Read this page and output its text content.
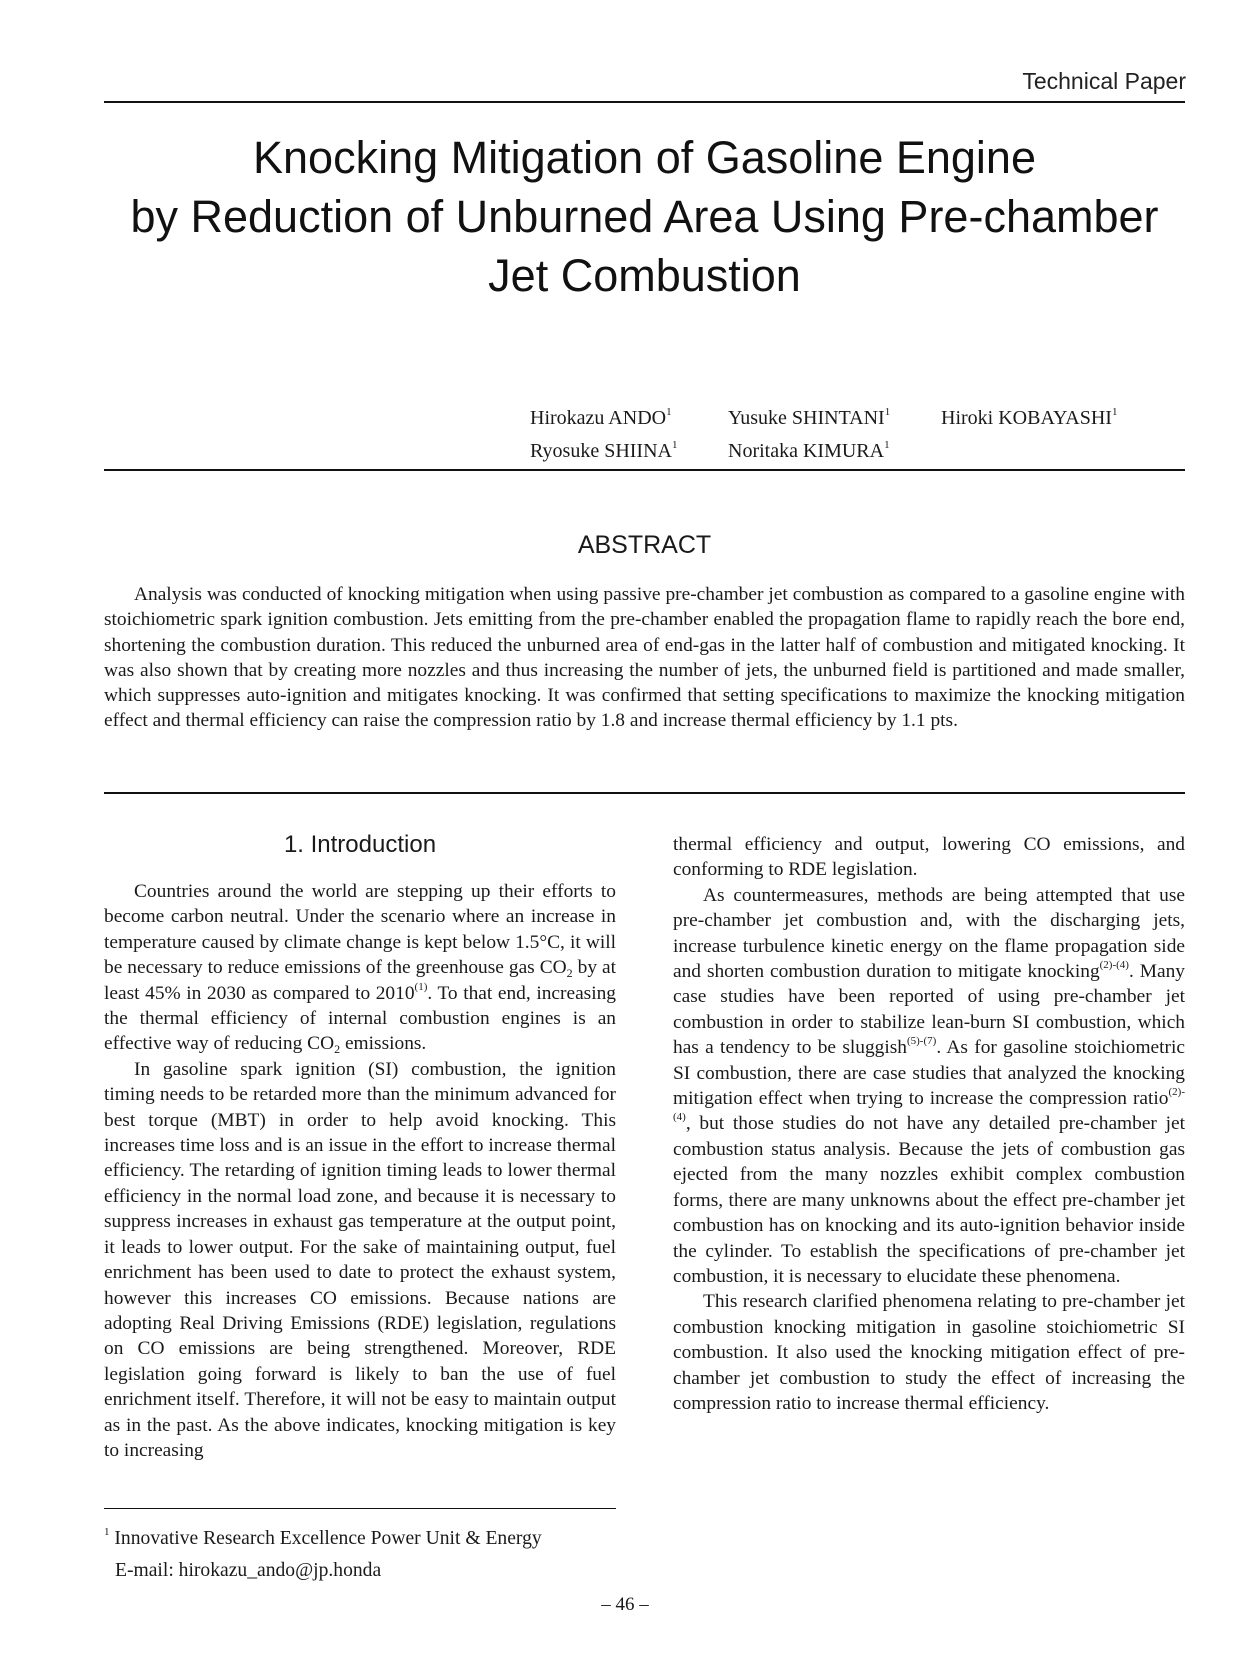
Technical Paper
Knocking Mitigation of Gasoline Engine
by Reduction of Unburned Area Using Pre-chamber
Jet Combustion
Hirokazu ANDO$^1$	Yusuke SHINTANI$^1$	Hiroki KOBAYASHI$^1$
Ryosuke SHIINA$^1$	Noritaka KIMURA$^1$
ABSTRACT

Analysis was conducted of knocking mitigation when using passive pre-chamber jet combustion as compared to a gasoline engine with stoichiometric spark ignition combustion. Jets emitting from the pre-chamber enabled the propagation flame to rapidly reach the bore end, shortening the combustion duration. This reduced the unburned area of end-gas in the latter half of combustion and mitigated knocking. It was also shown that by creating more nozzles and thus increasing the number of jets, the unburned field is partitioned and made smaller, which suppresses auto-ignition and mitigates knocking. It was confirmed that setting specifications to maximize the knocking mitigation effect and thermal efficiency can raise the compression ratio by 1.8 and increase thermal efficiency by 1.1 pts.

1. Introduction

Countries around the world are stepping up their efforts to become carbon neutral. Under the scenario where an increase in temperature caused by climate change is kept below 1.5°C, it will be necessary to reduce emissions of the greenhouse gas $CO_2$ by at least 45% in 2030 as compared to 2010$^{(1)}$. To that end, increasing the thermal efficiency of internal combustion engines is an effective way of reducing $CO_2$ emissions.

In gasoline spark ignition (SI) combustion, the ignition timing needs to be retarded more than the minimum advanced for best torque (MBT) in order to help avoid knocking. This increases time loss and is an issue in the effort to increase thermal efficiency. The retarding of ignition timing leads to lower thermal efficiency in the normal load zone, and because it is necessary to suppress increases in exhaust gas temperature at the output point, it leads to lower output. For the sake of maintaining output, fuel enrichment has been used to date to protect the exhaust system, however this increases CO emissions. Because nations are adopting Real Driving Emissions (RDE) legislation, regulations on CO emissions are being strengthened. Moreover, RDE legislation going forward is likely to ban the use of fuel enrichment itself. Therefore, it will not be easy to maintain output as in the past. As the above indicates, knocking mitigation is key to increasing

thermal efficiency and output, lowering CO emissions, and conforming to RDE legislation.

As countermeasures, methods are being attempted that use pre-chamber jet combustion and, with the discharging jets, increase turbulence kinetic energy on the flame propagation side and shorten combustion duration to mitigate knocking$^{(2)-(4)}$. Many case studies have been reported of using pre-chamber jet combustion in order to stabilize lean-burn SI combustion, which has a tendency to be sluggish$^{(5)-(7)}$. As for gasoline stoichiometric SI combustion, there are case studies that analyzed the knocking mitigation effect when trying to increase the compression ratio$^{(2)-(4)}$, but those studies do not have any detailed pre-chamber jet combustion status analysis. Because the jets of combustion gas ejected from the many nozzles exhibit complex combustion forms, there are many unknowns about the effect pre-chamber jet combustion has on knocking and its auto-ignition behavior inside the cylinder. To establish the specifications of pre-chamber jet combustion, it is necessary to elucidate these phenomena.

This research clarified phenomena relating to pre-chamber jet combustion knocking mitigation in gasoline stoichiometric SI combustion. It also used the knocking mitigation effect of pre-chamber jet combustion to study the effect of increasing the compression ratio to increase thermal efficiency.

$^1$ Innovative Research Excellence Power Unit & Energy
E-mail: hirokazu_ando@jp.honda
– 46 –
